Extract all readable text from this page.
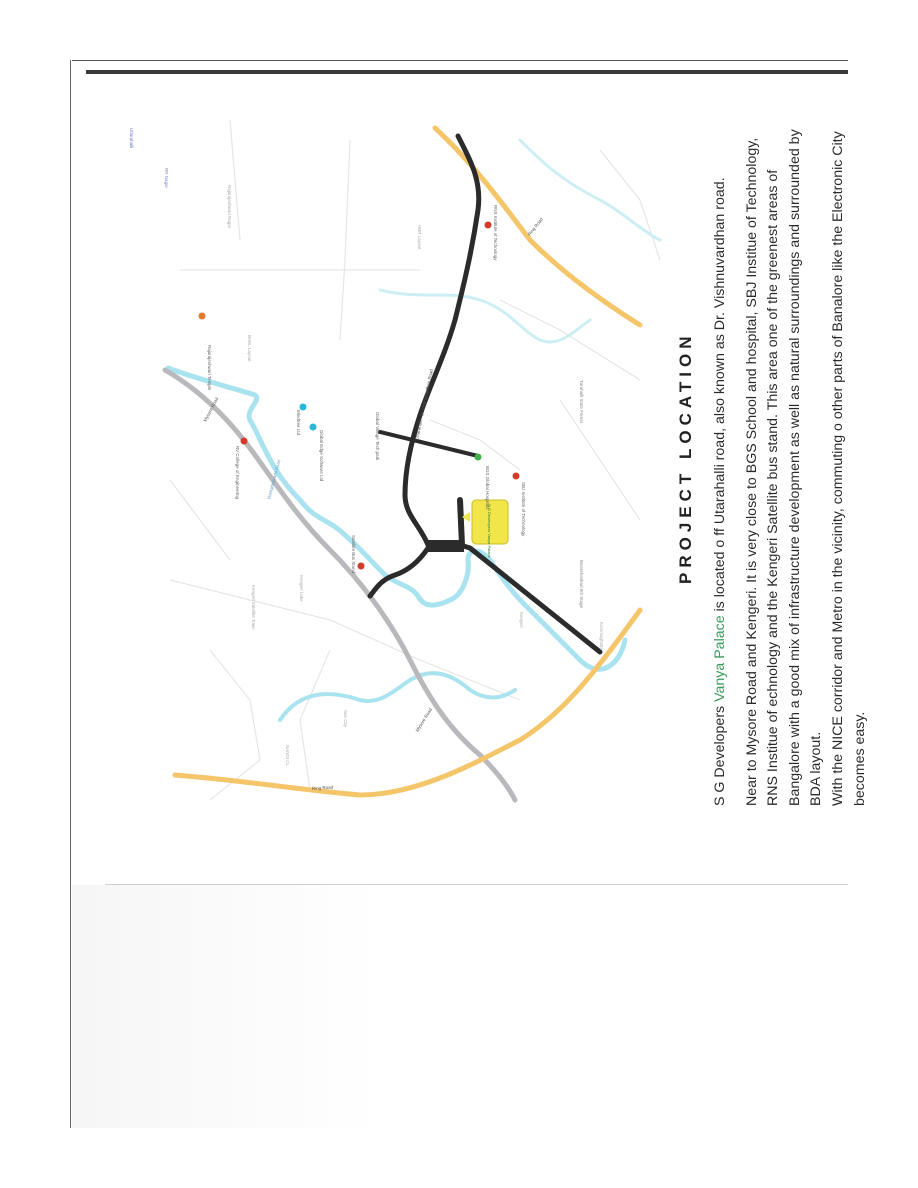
Rajarajeshwari Temple
RV College of Engineering
Mindtree Ltd
Global Edge Software Ltd	Global Village Tech park
BGS Global Hospitals	SBJ Institute of Technology
RNS Institute of Technology
Satellite Bus Stand	S G Developers Vanya Palace
Kengeri Satellite Town	Kengeri Lake
Kengeri
Kommaghatta
Rajarajeshwari Nagar
BHEL Layout
HBR Layout
Turahalli State Forest
Banashankari 6th Stage
Sun City
NANDI CL
Uttarahalli
RR Nagar
Mysore Road
Mysore Road
Ring Road
Ring Road
Uttarahalli - Dr Vishnuvardhan Road
Vrishabhavathi River	PROJECT LOCATION

S G Developers Vanya Palace is located o ff Utarahalli road, also known as Dr. Vishnuvardhan road. Near to Mysore Road and Kengeri. It is very close to BGS School and hospital, SBJ Institue of Technology, RNS Institue of echnology and the Kengeri Satellite bus stand. This area one of the greenest areas of Bangalore with a good mix of infrastructure development as well as natural surroundings and surrounded by BDA layout. With the NICE corridor and Metro in the vicinity, commuting o other parts of Banalore like the Electronic City becomes easy.
